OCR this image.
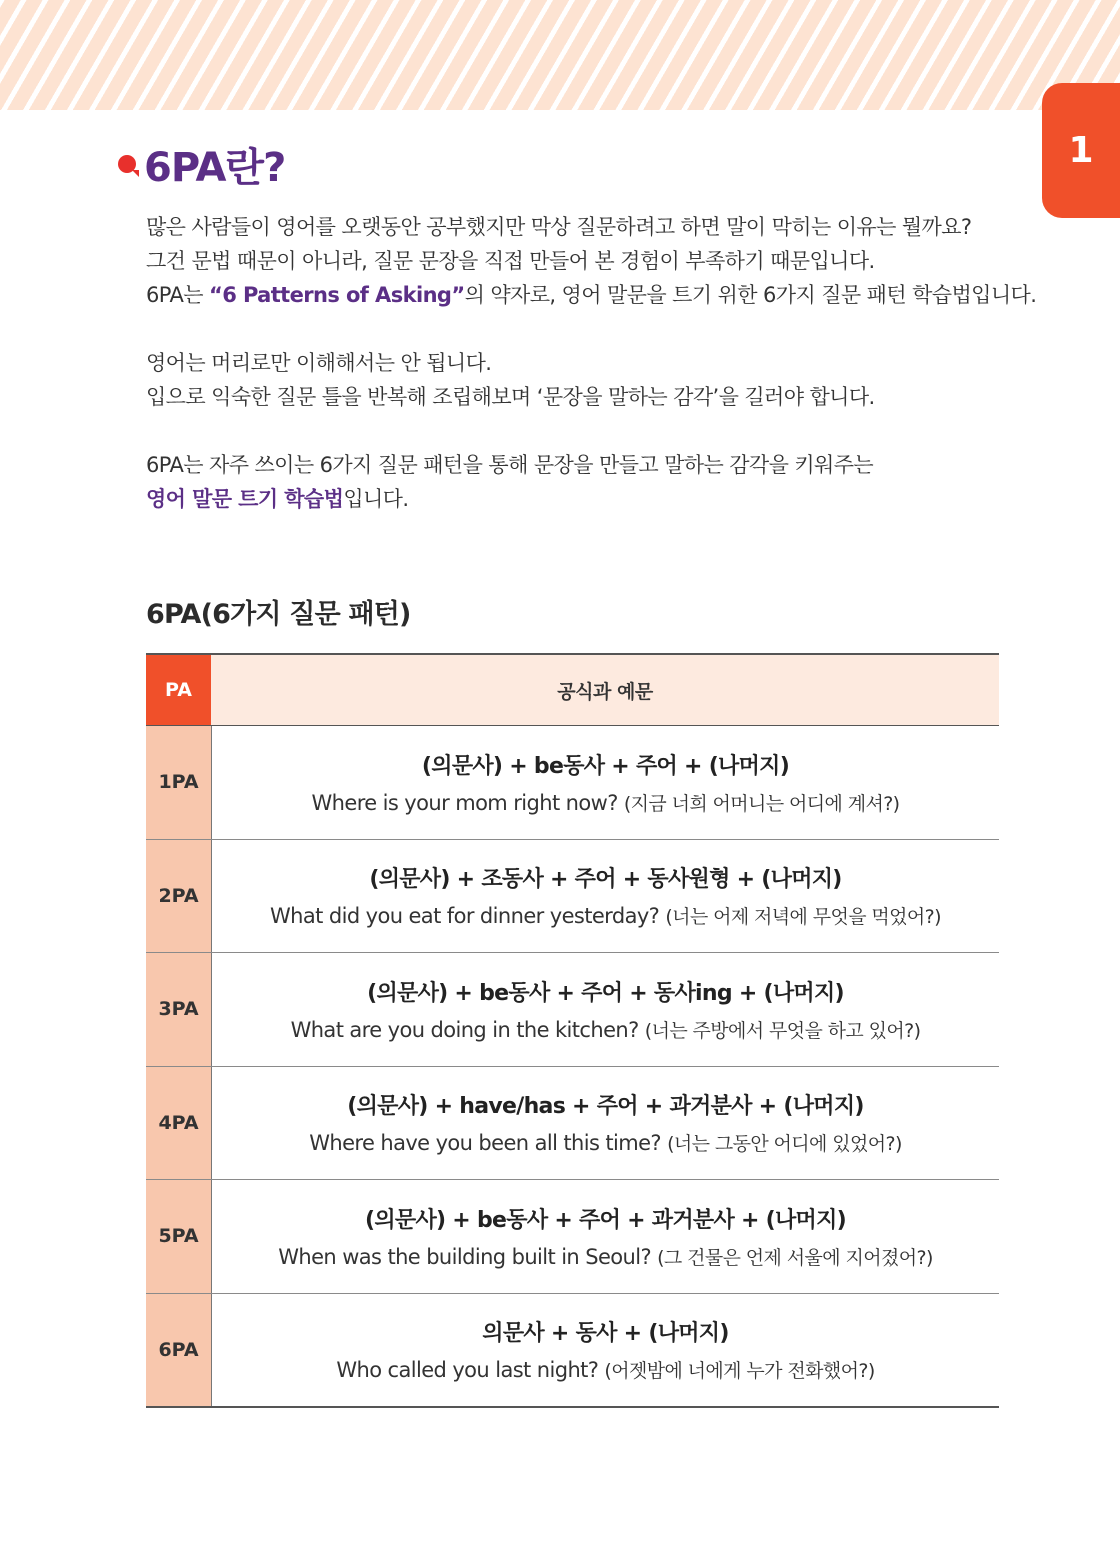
1
6PA란?

많은 사람들이 영어를 오랫동안 공부했지만 막상 질문하려고 하면 말이 막히는 이유는 뭘까요?

그건 문법 때문이 아니라, 질문 문장을 직접 만들어 본 경험이 부족하기 때문입니다.

6PA는 “6 Patterns of Asking”의 약자로, 영어 말문을 트기 위한 6가지 질문 패턴 학습법입니다.

영어는 머리로만 이해해서는 안 됩니다.

입으로 익숙한 질문 틀을 반복해 조립해보며 ‘문장을 말하는 감각’을 길러야 합니다.

6PA는 자주 쓰이는 6가지 질문 패턴을 통해 문장을 만들고 말하는 감각을 키워주는

영어 말문 트기 학습법입니다.

6PA(6가지 질문 패턴)
PA	공식과 예문
1PA
(의문사) + be동사 + 주어 + (나머지)
Where is your mom right now? (지금 너희 어머니는 어디에 계셔?)
2PA
(의문사) + 조동사 + 주어 + 동사원형 + (나머지)
What did you eat for dinner yesterday? (너는 어제 저녁에 무엇을 먹었어?)
3PA
(의문사) + be동사 + 주어 + 동사ing + (나머지)
What are you doing in the kitchen? (너는 주방에서 무엇을 하고 있어?)
4PA
(의문사) + have/has + 주어 + 과거분사 + (나머지)
Where have you been all this time? (너는 그동안 어디에 있었어?)
5PA
(의문사) + be동사 + 주어 + 과거분사 + (나머지)
When was the building built in Seoul? (그 건물은 언제 서울에 지어졌어?)
6PA
의문사 + 동사 + (나머지)
Who called you last night? (어젯밤에 너에게 누가 전화했어?)
